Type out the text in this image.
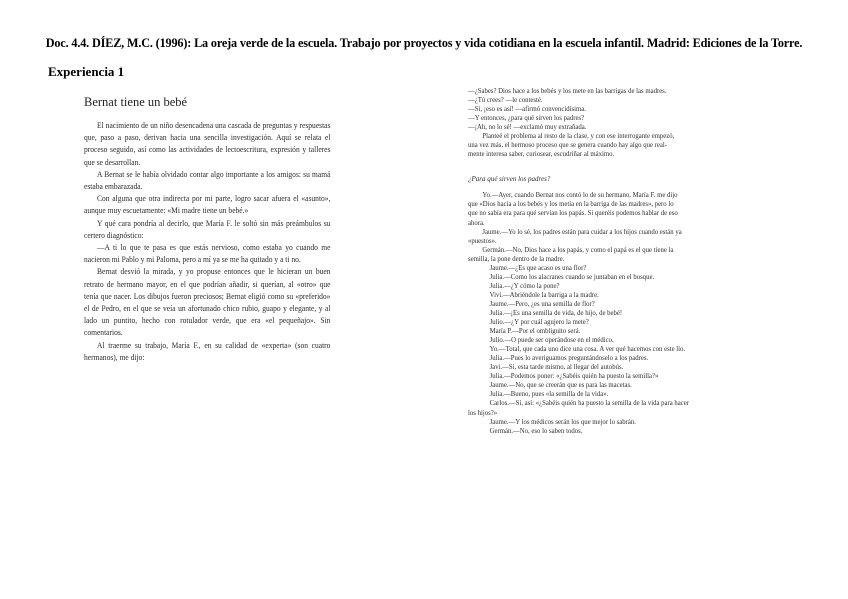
Doc. 4.4. DÍEZ, M.C. (1996): La oreja verde de la escuela. Trabajo por proyectos y vida cotidiana en la escuela infantil. Madrid: Ediciones de la Torre.
Experiencia 1
Bernat tiene un bebé

El nacimiento de un niño desencadena una cascada de preguntas y respuestas que, paso a paso, derivan hacia una sencilla investigación. Aquí se relata el proceso seguido, así como las actividades de lectoescritura, expresión y talleres que se desarrollan.

A Bernat se le había olvidado contar algo importante a los amigos: su mamá estaba embarazada.

Con alguna que otra indirecta por mi parte, logro sacar afuera el «asunto», aunque muy escuetamente: «Mi madre tiene un bebé.»

Y qué cara pondría al decirlo, que María F. le soltó sin más preámbulos su certero diagnóstico:

—A ti lo que te pasa es que estás nervioso, como estaba yo cuando me nacieron mi Pablo y mi Paloma, pero a mí ya se me ha quitado y a ti no.

Bernat desvió la mirada, y yo propuse entonces que le hicieran un buen retrato de hermano mayor, en el que podrían añadir, si querían, al «otro» que tenía que nacer. Los dibujos fueron preciosos; Bernat eligió como su «preferido» el de Pedro, en el que se veía un afortunado chico rubio, guapo y elegante, y al lado un puntito, hecho con rotulador verde, que era «el pequeñajo». Sin comentarios.

Al traerme su trabajo, María F., en su calidad de «experta» (son cuatro hermanos), me dijo:

—¿Sabes? Dios hace a los bebés y los mete en las barrigas de las madres.

—¿Tú crees? —le contesté.

—Sí, ¡eso es así! —afirmó convencidísima.

—Y entonces, ¿para qué sirven los padres?

—¡Ah, no lo sé! —exclamó muy extrañada.

Planteé el problema al resto de la clase, y con ese interrogante empezó,

una vez más, el hermoso proceso que se genera cuando hay algo que real-

mente interesa saber, curiosear, escudriñar al máximo.

¿Para qué sirven los padres?

Yo.—Ayer, cuando Bernat nos contó lo de su hermano, María F. me dijo

que «Dios hacía a los bebés y los metía en la barriga de las madres», pero lo

que no sabía era para qué servían los papás. Si queréis podemos hablar de eso

ahora.

Jaume.—Yo lo sé, los padres están para cuidar a los hijos cuando están ya

«puestos».

Germán.—No, Dios hace a los papás, y como el papá es el que tiene la

semilla, la pone dentro de la madre.

Jaume.—¿Es que acaso es una flor?

Julia.—Como los alacranes cuando se juntaban en el bosque.

Julia.—¿Y cómo la pone?

Vivi.—Abriéndole la barriga a la madre.

Jaume.—Pero, ¿es una semilla de flor?

Julia.—¡Es una semilla de vida, de hijo, de bebé!

Julio.—¿Y por cuál agujero la mete?

María P.—Por el ombliguito será.

Julio.—O puede ser operándose en el médico.

Yo.—Total, que cada uno dice una cosa. A ver qué hacemos con este lío.

Julia.—Pues lo averiguamos preguntándoselo a los padres.

Javi.—Sí, esta tarde mismo, al llegar del autobús.

Julia.—Podemos poner: «¿Sabéis quién ha puesto la semilla?»

Jaume.—No, que se creerán que es para las macetas.

Julia.—Bueno, pues «la semilla de la vida».

Carlos.—Sí, así: «¿Sabéis quién ha puesto la semilla de la vida para hacer

los hijos?»

Jaume.—Y los médicos serán los que mejor lo sabrán.

Germán.—No, eso lo saben todos.
